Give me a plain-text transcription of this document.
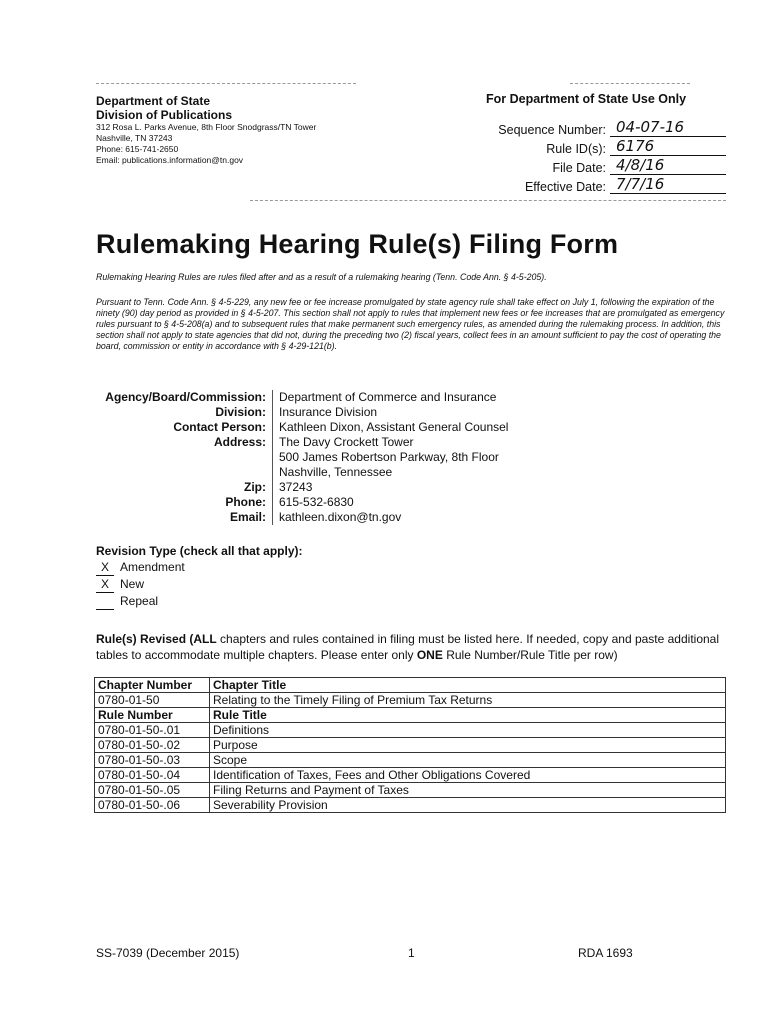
Department of State
Division of Publications
312 Rosa L. Parks Avenue, 8th Floor Snodgrass/TN Tower
Nashville, TN 37243
Phone: 615-741-2650
Email: publications.information@tn.gov
For Department of State Use Only
Sequence Number: 04-07-16
Rule ID(s): 6176
File Date: 4/8/16
Effective Date: 7/7/16
Rulemaking Hearing Rule(s) Filing Form
Rulemaking Hearing Rules are rules filed after and as a result of a rulemaking hearing (Tenn. Code Ann. § 4-5-205).
Pursuant to Tenn. Code Ann. § 4-5-229, any new fee or fee increase promulgated by state agency rule shall take effect on July 1, following the expiration of the ninety (90) day period as provided in § 4-5-207. This section shall not apply to rules that implement new fees or fee increases that are promulgated as emergency rules pursuant to § 4-5-208(a) and to subsequent rules that make permanent such emergency rules, as amended during the rulemaking process. In addition, this section shall not apply to state agencies that did not, during the preceding two (2) fiscal years, collect fees in an amount sufficient to pay the cost of operating the board, commission or entity in accordance with § 4-29-121(b).
Agency/Board/Commission:	Department of Commerce and Insurance
Division:	Insurance Division
Contact Person:	Kathleen Dixon, Assistant General Counsel
Address:	The Davy Crockett Tower
500 James Robertson Parkway, 8th Floor
Nashville, Tennessee
Zip:	37243
Phone:	615-532-6830
Email:	kathleen.dixon@tn.gov
Revision Type (check all that apply):
X Amendment
X New
Repeal
Rule(s) Revised (ALL chapters and rules contained in filing must be listed here. If needed, copy and paste additional tables to accommodate multiple chapters. Please enter only ONE Rule Number/Rule Title per row)
Chapter Number	Chapter Title
0780-01-50	Relating to the Timely Filing of Premium Tax Returns
Rule Number	Rule Title
0780-01-50-.01	Definitions
0780-01-50-.02	Purpose
0780-01-50-.03	Scope
0780-01-50-.04	Identification of Taxes, Fees and Other Obligations Covered
0780-01-50-.05	Filing Returns and Payment of Taxes
0780-01-50-.06	Severability Provision
SS-7039 (December 2015)	1	RDA 1693
